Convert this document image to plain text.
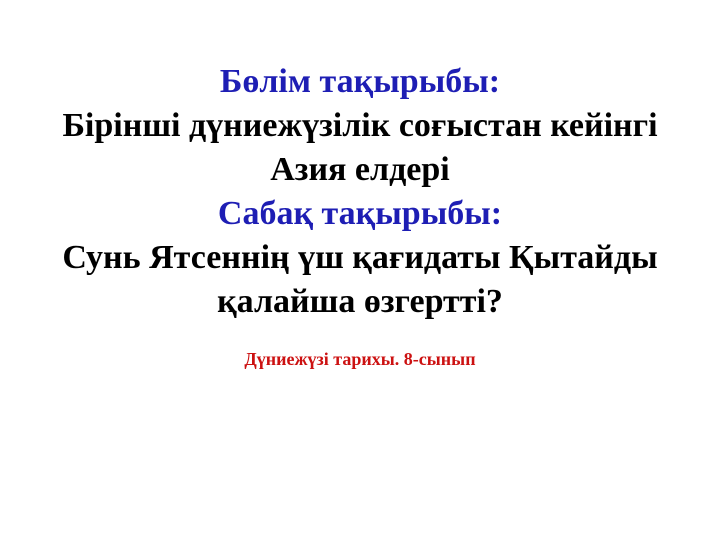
Бөлім тақырыбы:
Бірінші дүниежүзілік соғыстан кейінгі
Азия елдері
Сабақ тақырыбы:
Сунь Ятсеннің үш қағидаты Қытайды
қалайша өзгертті?
Дүниежүзі тарихы. 8-сынып
